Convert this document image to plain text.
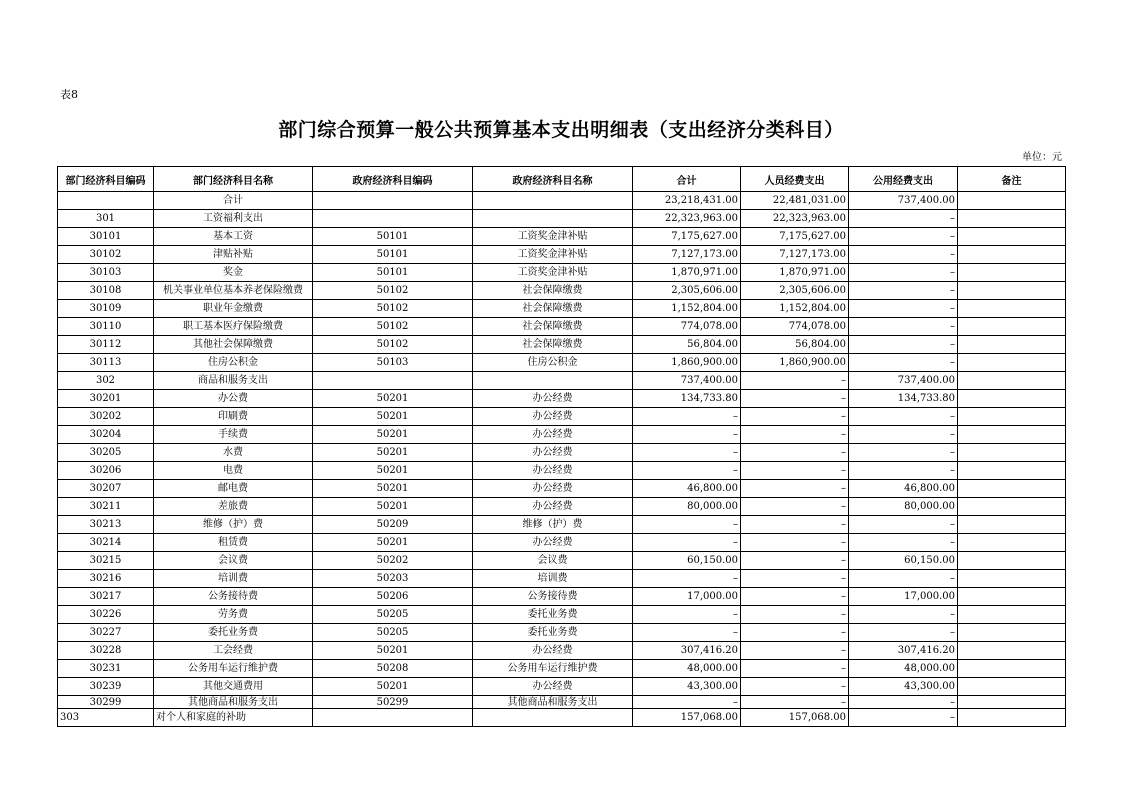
表8
部门综合预算一般公共预算基本支出明细表（支出经济分类科目）
单位：元
部门经济科目编码	部门经济科目名称	政府经济科目编码	政府经济科目名称	合计	人员经费支出	公用经费支出	备注
	合计			23,218,431.00	22,481,031.00	737,400.00	
301	工资福利支出			22,323,963.00	22,323,963.00	–	
30101	基本工资	50101	工资奖金津补贴	7,175,627.00	7,175,627.00	–	
30102	津贴补贴	50101	工资奖金津补贴	7,127,173.00	7,127,173.00	–	
30103	奖金	50101	工资奖金津补贴	1,870,971.00	1,870,971.00	–	
30108	机关事业单位基本养老保险缴费	50102	社会保障缴费	2,305,606.00	2,305,606.00	–	
30109	职业年金缴费	50102	社会保障缴费	1,152,804.00	1,152,804.00	–	
30110	职工基本医疗保险缴费	50102	社会保障缴费	774,078.00	774,078.00	–	
30112	其他社会保障缴费	50102	社会保障缴费	56,804.00	56,804.00	–	
30113	住房公积金	50103	住房公积金	1,860,900.00	1,860,900.00	–	
302	商品和服务支出			737,400.00	–	737,400.00	
30201	办公费	50201	办公经费	134,733.80	–	134,733.80	
30202	印刷费	50201	办公经费	–	–	–	
30204	手续费	50201	办公经费	–	–	–	
30205	水费	50201	办公经费	–	–	–	
30206	电费	50201	办公经费	–	–	–	
30207	邮电费	50201	办公经费	46,800.00	–	46,800.00	
30211	差旅费	50201	办公经费	80,000.00	–	80,000.00	
30213	维修（护）费	50209	维修（护）费	–	–	–	
30214	租赁费	50201	办公经费	–	–	–	
30215	会议费	50202	会议费	60,150.00	–	60,150.00	
30216	培训费	50203	培训费	–	–	–	
30217	公务接待费	50206	公务接待费	17,000.00	–	17,000.00	
30226	劳务费	50205	委托业务费	–	–	–	
30227	委托业务费	50205	委托业务费	–	–	–	
30228	工会经费	50201	办公经费	307,416.20	–	307,416.20	
30231	公务用车运行维护费	50208	公务用车运行维护费	48,000.00	–	48,000.00	
30239	其他交通费用	50201	办公经费	43,300.00	–	43,300.00	
30299	其他商品和服务支出	50299	其他商品和服务支出	–	–	–	
303	对个人和家庭的补助			157,068.00	157,068.00	–	
